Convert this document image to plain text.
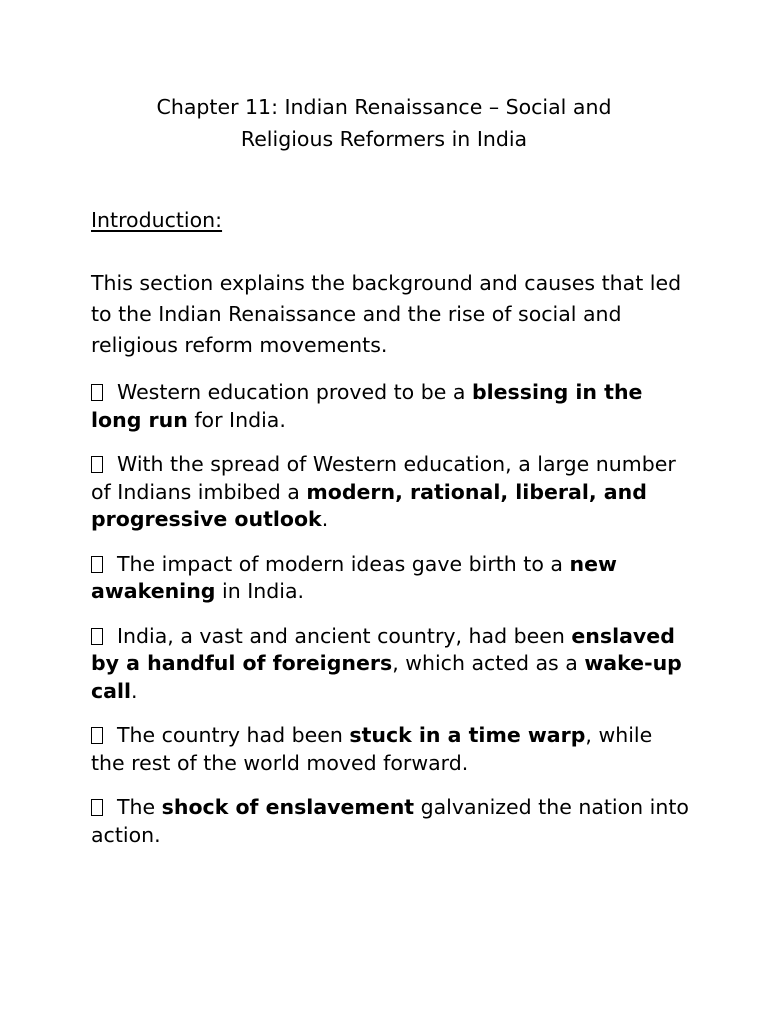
Chapter 11: Indian Renaissance – Social and
Religious Reformers in India
Introduction:

This section explains the background and causes that led to the Indian Renaissance and the rise of social and religious reform movements.

Western education proved to be a blessing in the long run for India.
With the spread of Western education, a large number of Indians imbibed a modern, rational, liberal, and progressive outlook.
The impact of modern ideas gave birth to a new awakening in India.
India, a vast and ancient country, had been enslaved by a handful of foreigners, which acted as a wake-up call.
The country had been stuck in a time warp, while the rest of the world moved forward.
The shock of enslavement galvanized the nation into action.
